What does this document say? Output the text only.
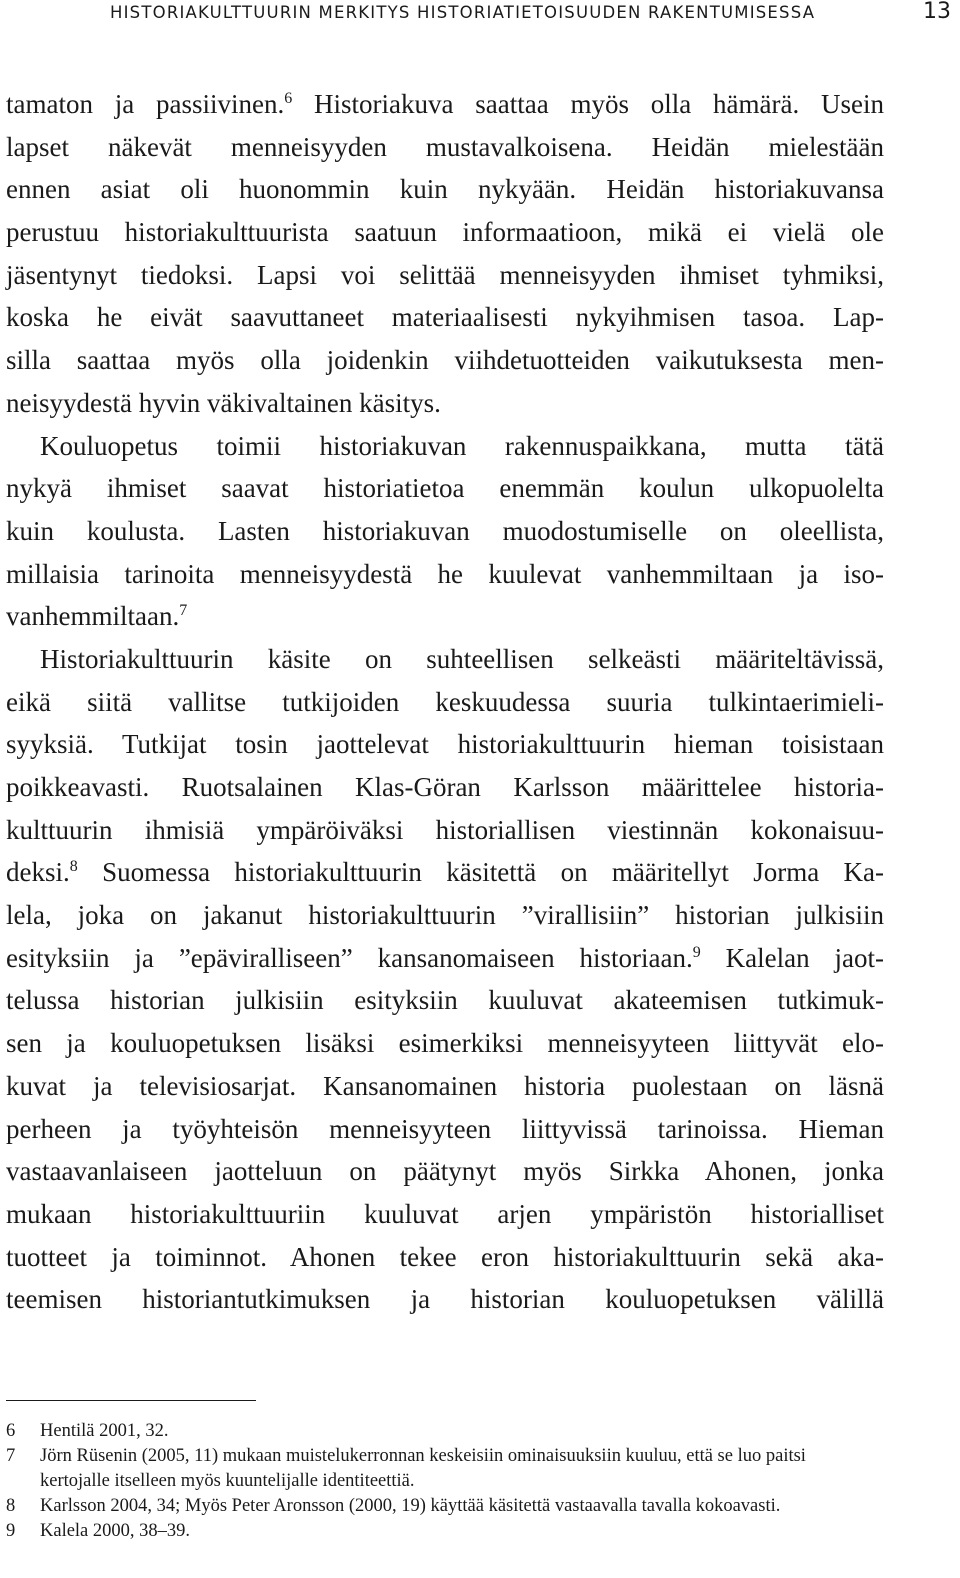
HISTORIAKULTTUURIN MERKITYS HISTORIATIETOISUUDEN RAKENTUMISESSA	13
tamaton ja passiivinen.$^6$ Historiakuva saattaa myös olla hämärä. Usein
lapset näkevät menneisyyden mustavalkoisena. Heidän mielestään
ennen asiat oli huonommin kuin nykyään. Heidän historiakuvansa
perustuu historiakulttuurista saatuun informaatioon, mikä ei vielä ole
jäsentynyt tiedoksi. Lapsi voi selittää menneisyyden ihmiset tyhmiksi,
koska he eivät saavuttaneet materiaalisesti nykyihmisen tasoa. Lap-
silla saattaa myös olla joidenkin viihdetuotteiden vaikutuksesta men-
neisyydestä hyvin väkivaltainen käsitys.
Kouluopetus toimii historiakuvan rakennuspaikkana, mutta tätä
nykyä ihmiset saavat historiatietoa enemmän koulun ulkopuolelta
kuin koulusta. Lasten historiakuvan muodostumiselle on oleellista,
millaisia tarinoita menneisyydestä he kuulevat vanhemmiltaan ja iso-
vanhemmiltaan.$^7$
Historiakulttuurin käsite on suhteellisen selkeästi määriteltävissä,
eikä siitä vallitse tutkijoiden keskuudessa suuria tulkintaerimieli-
syyksiä. Tutkijat tosin jaottelevat historiakulttuurin hieman toisistaan
poikkeavasti. Ruotsalainen Klas-Göran Karlsson määrittelee historia-
kulttuurin ihmisiä ympäröiväksi historiallisen viestinnän kokonaisuu-
deksi.$^8$ Suomessa historiakulttuurin käsitettä on määritellyt Jorma Ka-
lela, joka on jakanut historiakulttuurin ”virallisiin” historian julkisiin
esityksiin ja ”epäviralliseen” kansanomaiseen historiaan.$^9$ Kalelan jaot-
telussa historian julkisiin esityksiin kuuluvat akateemisen tutkimuk-
sen ja kouluopetuksen lisäksi esimerkiksi menneisyyteen liittyvät elo-
kuvat ja televisiosarjat. Kansanomainen historia puolestaan on läsnä
perheen ja työyhteisön menneisyyteen liittyvissä tarinoissa. Hieman
vastaavanlaiseen jaotteluun on päätynyt myös Sirkka Ahonen, jonka
mukaan historiakulttuuriin kuuluvat arjen ympäristön historialliset
tuotteet ja toiminnot. Ahonen tekee eron historiakulttuurin sekä aka-
teemisen historiantutkimuksen ja historian kouluopetuksen välillä
6	Hentilä 2001, 32.
7	Jörn Rüsenin (2005, 11) mukaan muistelukerronnan keskeisiin ominaisuuksiin kuuluu, että se luo paitsi kertojalle itselleen myös kuuntelijalle identiteettiä.
8	Karlsson 2004, 34; Myös Peter Aronsson (2000, 19) käyttää käsitettä vastaavalla tavalla kokoavasti.
9	Kalela 2000, 38–39.
